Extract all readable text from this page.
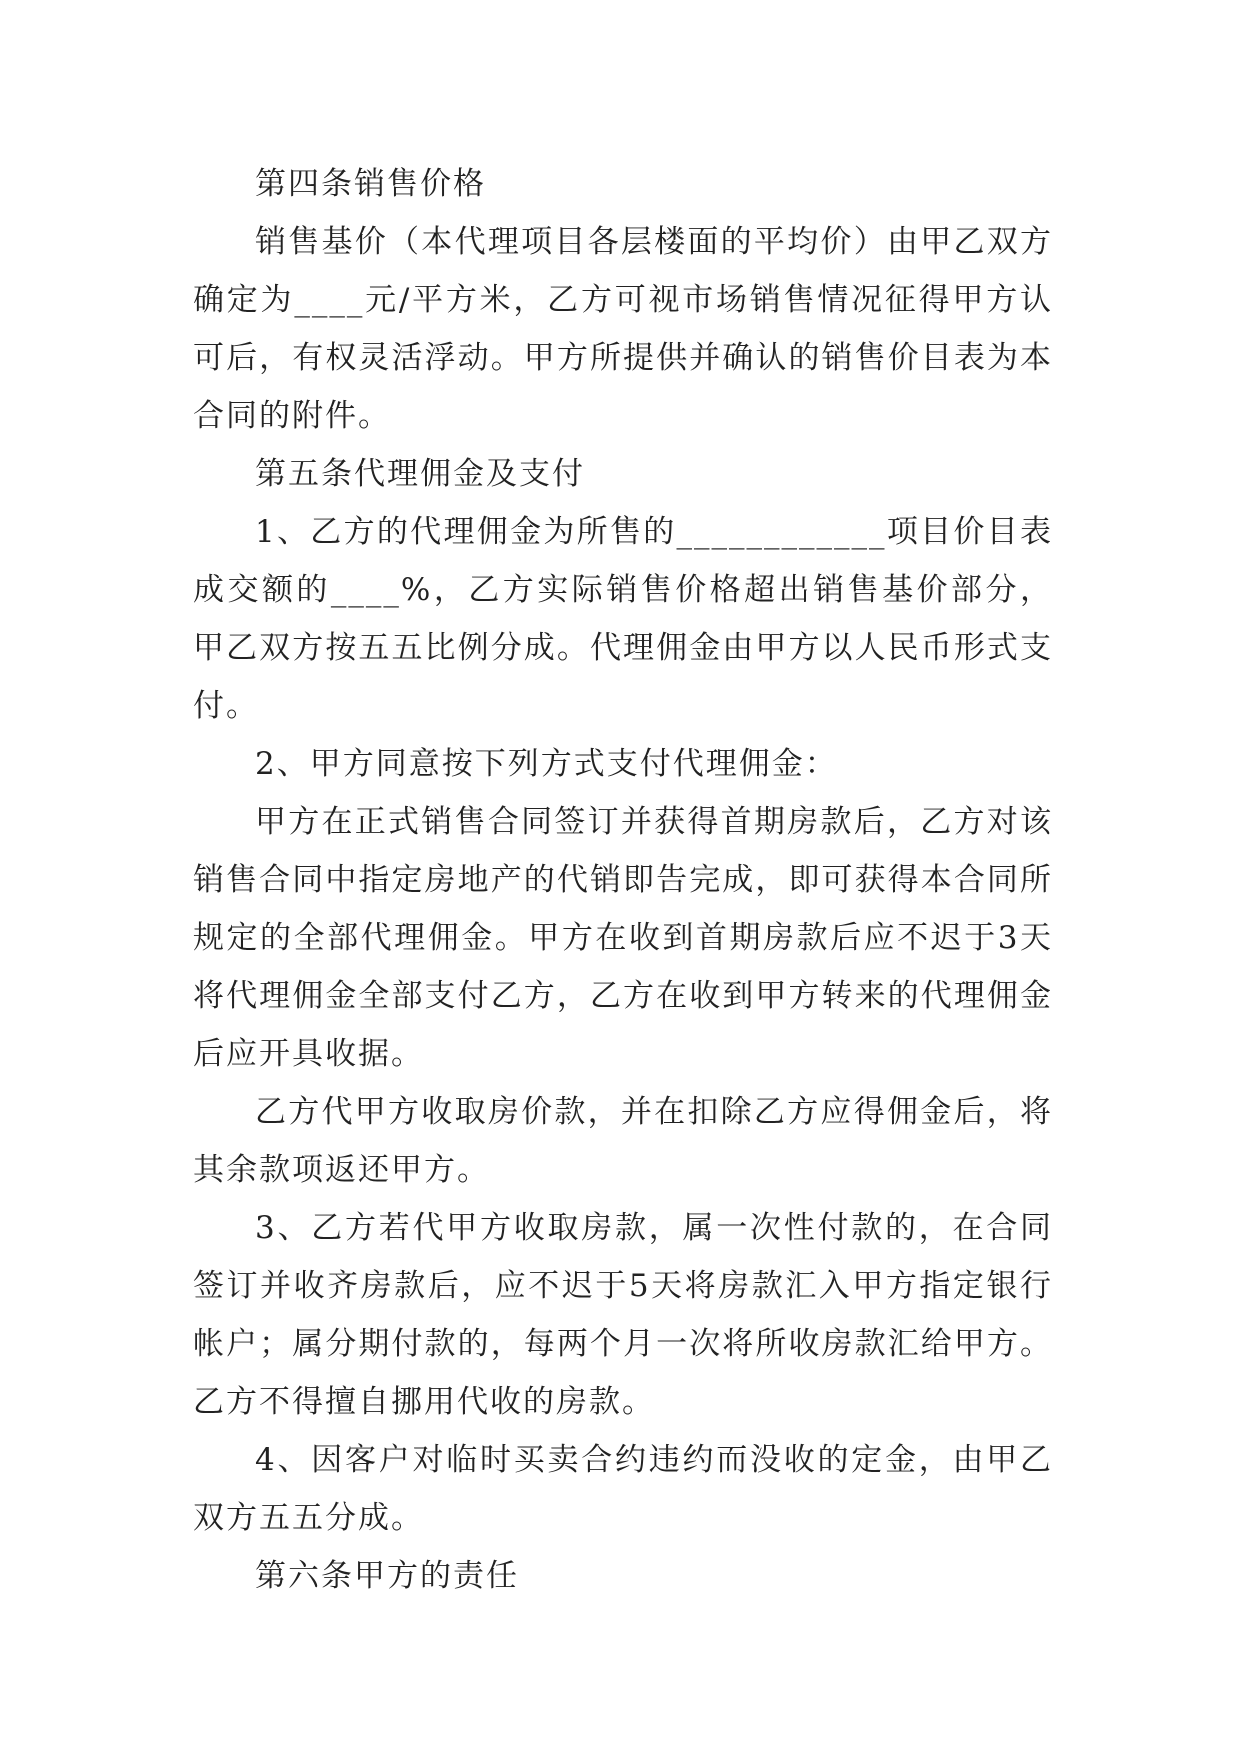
第四条销售价格

销售基价（本代理项目各层楼面的平均价）由甲乙双方确定为____元/平方米，乙方可视市场销售情况征得甲方认可后，有权灵活浮动。甲方所提供并确认的销售价目表为本合同的附件。

第五条代理佣金及支付

1、乙方的代理佣金为所售的____________项目价目表成交额的____%，乙方实际销售价格超出销售基价部分，甲乙双方按五五比例分成。代理佣金由甲方以人民币形式支付。

2、甲方同意按下列方式支付代理佣金：

甲方在正式销售合同签订并获得首期房款后，乙方对该销售合同中指定房地产的代销即告完成，即可获得本合同所规定的全部代理佣金。甲方在收到首期房款后应不迟于3天将代理佣金全部支付乙方，乙方在收到甲方转来的代理佣金后应开具收据。

乙方代甲方收取房价款，并在扣除乙方应得佣金后，将其余款项返还甲方。

3、乙方若代甲方收取房款，属一次性付款的，在合同签订并收齐房款后，应不迟于5天将房款汇入甲方指定银行帐户；属分期付款的，每两个月一次将所收房款汇给甲方。乙方不得擅自挪用代收的房款。

4、因客户对临时买卖合约违约而没收的定金，由甲乙双方五五分成。

第六条甲方的责任
